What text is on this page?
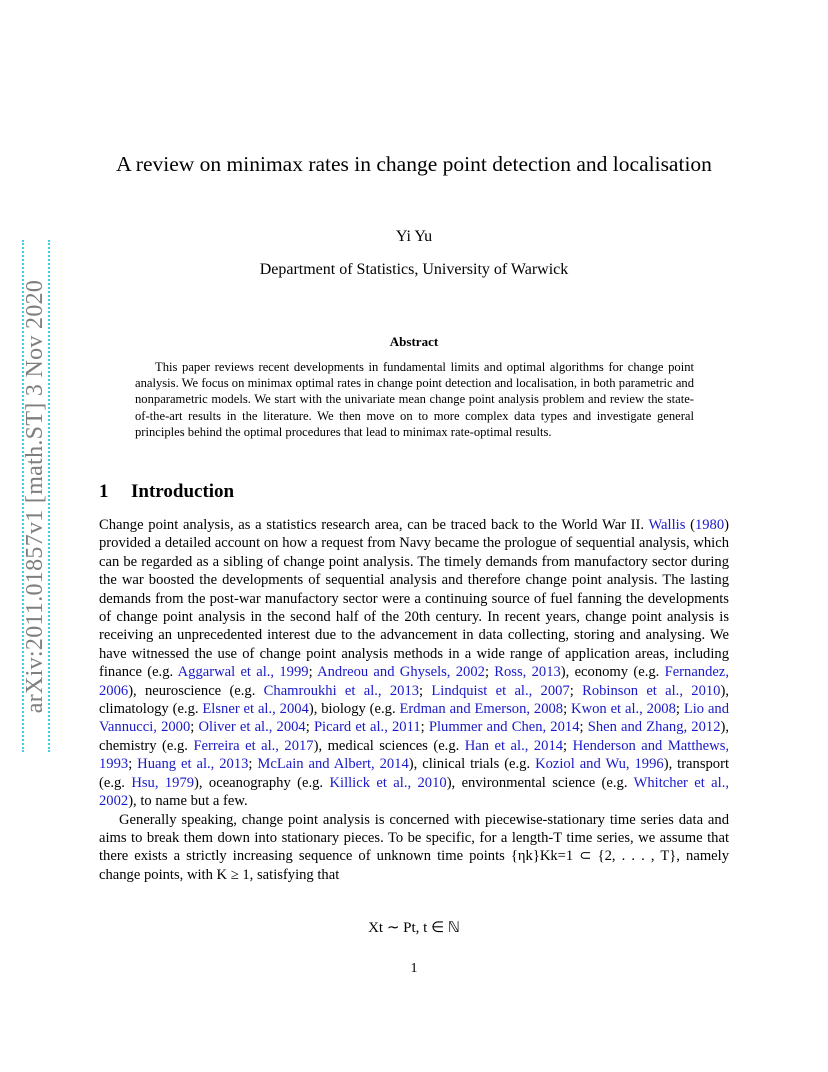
arXiv:2011.01857v1 [math.ST] 3 Nov 2020
A review on minimax rates in change point detection and localisation
Yi Yu
Department of Statistics, University of Warwick
Abstract
This paper reviews recent developments in fundamental limits and optimal algorithms for change point analysis. We focus on minimax optimal rates in change point detection and localisation, in both parametric and nonparametric models. We start with the univariate mean change point analysis problem and review the state-of-the-art results in the literature. We then move on to more complex data types and investigate general principles behind the optimal procedures that lead to minimax rate-optimal results.
1 Introduction

Change point analysis, as a statistics research area, can be traced back to the World War II. Wallis (1980) provided a detailed account on how a request from Navy became the prologue of sequential analysis, which can be regarded as a sibling of change point analysis. The timely demands from manufactory sector during the war boosted the developments of sequential analysis and therefore change point analysis. The lasting demands from the post-war manufactory sector were a continuing source of fuel fanning the developments of change point analysis in the second half of the 20th century. In recent years, change point analysis is receiving an unprecedented interest due to the advancement in data collecting, storing and analysing. We have witnessed the use of change point analysis methods in a wide range of application areas, including finance (e.g. Aggarwal et al., 1999; Andreou and Ghysels, 2002; Ross, 2013), economy (e.g. Fernandez, 2006), neuroscience (e.g. Chamroukhi et al., 2013; Lindquist et al., 2007; Robinson et al., 2010), climatology (e.g. Elsner et al., 2004), biology (e.g. Erdman and Emerson, 2008; Kwon et al., 2008; Lio and Vannucci, 2000; Oliver et al., 2004; Picard et al., 2011; Plummer and Chen, 2014; Shen and Zhang, 2012), chemistry (e.g. Ferreira et al., 2017), medical sciences (e.g. Han et al., 2014; Henderson and Matthews, 1993; Huang et al., 2013; McLain and Albert, 2014), clinical trials (e.g. Koziol and Wu, 1996), transport (e.g. Hsu, 1979), oceanography (e.g. Killick et al., 2010), environmental science (e.g. Whitcher et al., 2002), to name but a few.

Generally speaking, change point analysis is concerned with piecewise-stationary time series data and aims to break them down into stationary pieces. To be specific, for a length-T time series, we assume that there exists a strictly increasing sequence of unknown time points {ηk}Kk=1 ⊂ {2, . . . , T}, namely change points, with K ≥ 1, satisfying that

Xt ∼ Pt, t ∈ ℕ
1
